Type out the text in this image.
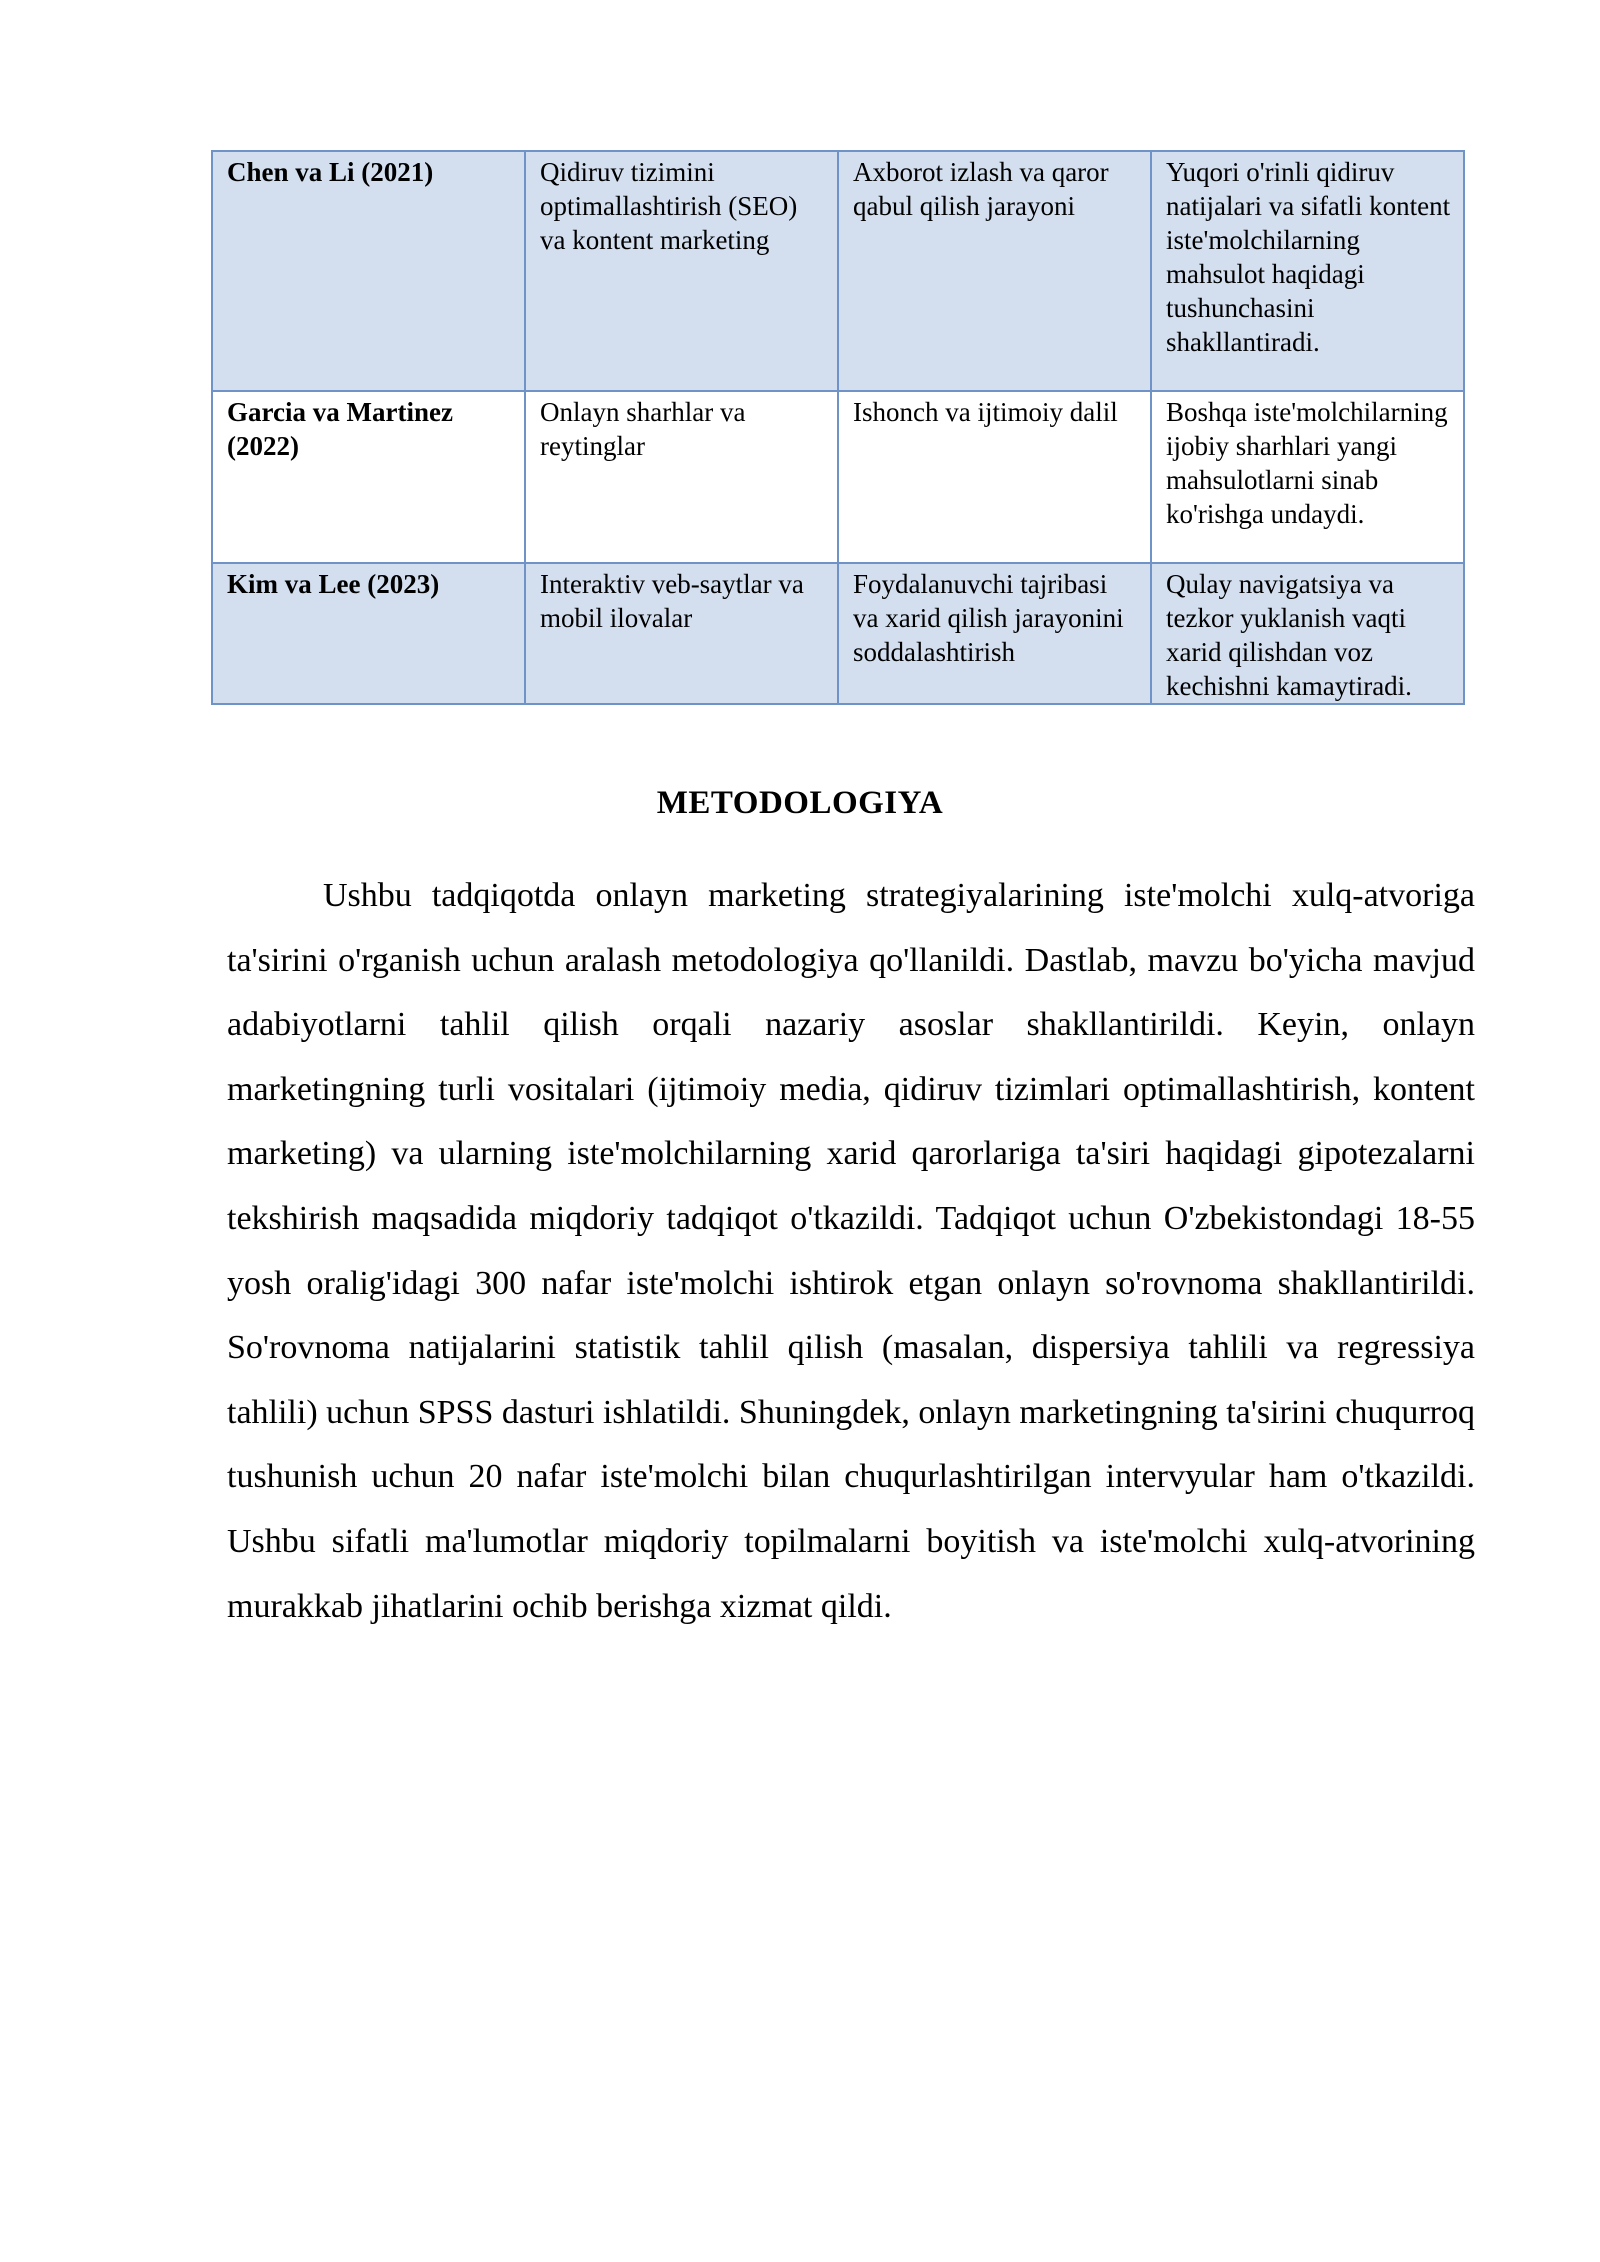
Chen va Li (2021)	Qidiruv tizimini optimallashtirish (SEO) va kontent marketing	Axborot izlash va qaror qabul qilish jarayoni	Yuqori o'rinli qidiruv natijalari va sifatli kontent iste'molchilarning mahsulot haqidagi tushunchasini shakllantiradi.
Garcia va Martinez (2022)	Onlayn sharhlar va reytinglar	Ishonch va ijtimoiy dalil	Boshqa iste'molchilarning ijobiy sharhlari yangi mahsulotlarni sinab ko'rishga undaydi.
Kim va Lee (2023)	Interaktiv veb-saytlar va mobil ilovalar	Foydalanuvchi tajribasi va xarid qilish jarayonini soddalashtirish	Qulay navigatsiya va tezkor yuklanish vaqti xarid qilishdan voz kechishni kamaytiradi.
METODOLOGIYA

Ushbu tadqiqotda onlayn marketing strategiyalarining iste'molchi xulq-atvoriga ta'sirini o'rganish uchun aralash metodologiya qo'llanildi. Dastlab, mavzu bo'yicha mavjud adabiyotlarni tahlil qilish orqali nazariy asoslar shakllantirildi. Keyin, onlayn marketingning turli vositalari (ijtimoiy media, qidiruv tizimlari optimallashtirish, kontent marketing) va ularning iste'molchilarning xarid qarorlariga ta'siri haqidagi gipotezalarni tekshirish maqsadida miqdoriy tadqiqot o'tkazildi. Tadqiqot uchun O'zbekistondagi 18-55 yosh oralig'idagi 300 nafar iste'molchi ishtirok etgan onlayn so'rovnoma shakllantirildi. So'rovnoma natijalarini statistik tahlil qilish (masalan, dispersiya tahlili va regressiya tahlili) uchun SPSS dasturi ishlatildi. Shuningdek, onlayn marketingning ta'sirini chuqurroq tushunish uchun 20 nafar iste'molchi bilan chuqurlashtirilgan intervyular ham o'tkazildi. Ushbu sifatli ma'lumotlar miqdoriy topilmalarni boyitish va iste'molchi xulq-atvorining murakkab jihatlarini ochib berishga xizmat qildi.
